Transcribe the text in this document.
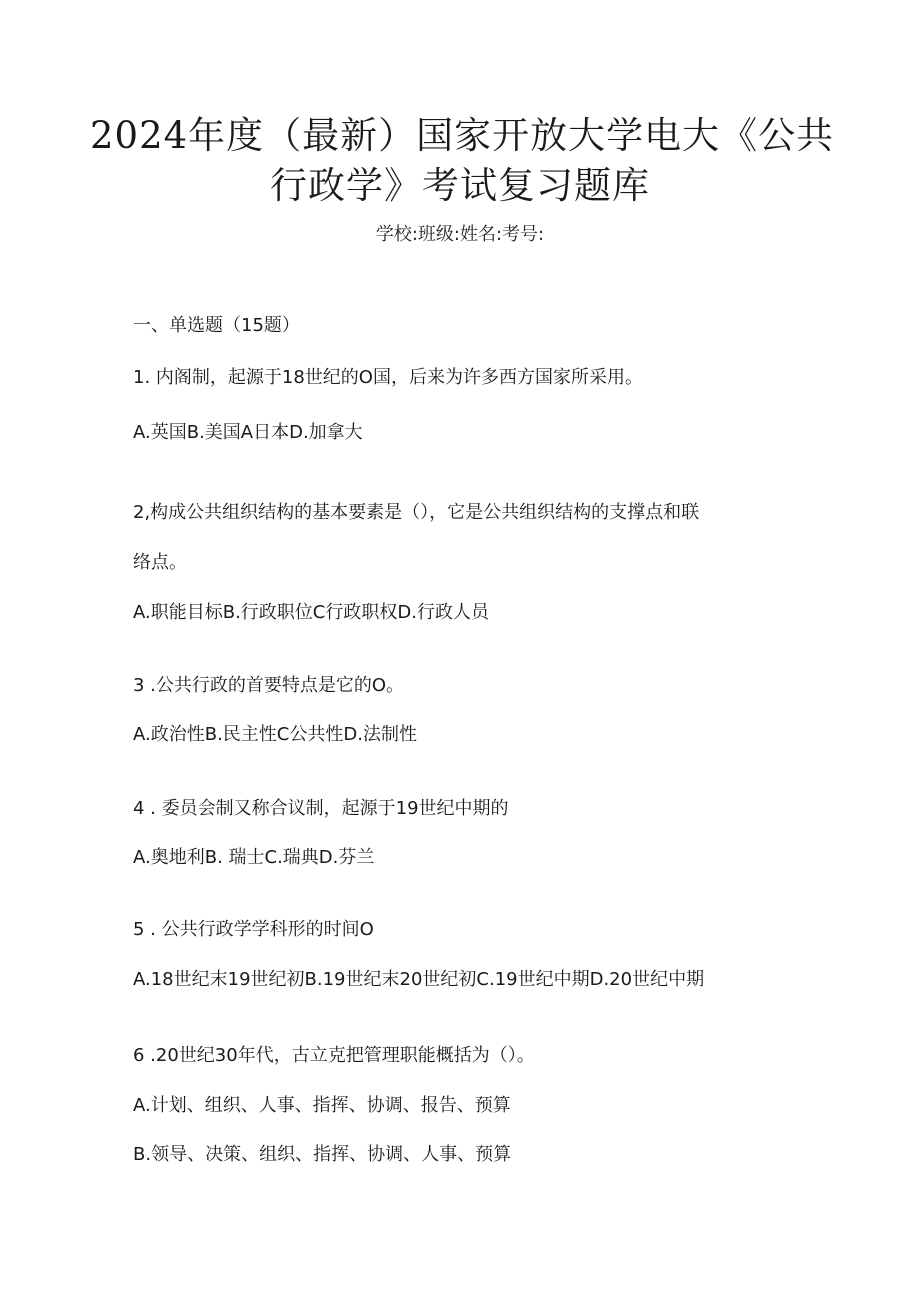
2024年度（最新）国家开放大学电大《公共
行政学》考试复习题库
学校:班级:姓名:考号:
一、单选题（15题）
1. 内阁制，起源于18世纪的O国，后来为许多西方国家所采用。
A.英国B.美国A日本D.加拿大
2,构成公共组织结构的基本要素是（），它是公共组织结构的支撑点和联
络点。
A.职能目标B.行政职位C行政职权D.行政人员
3 .公共行政的首要特点是它的O。
A.政治性B.民主性C公共性D.法制性
4 . 委员会制又称合议制，起源于19世纪中期的
A.奥地利B. 瑞士C.瑞典D.芬兰
5 . 公共行政学学科形的时间O
A.18世纪末19世纪初B.19世纪末20世纪初C.19世纪中期D.20世纪中期
6 .20世纪30年代，古立克把管理职能概括为（）。
A.计划、组织、人事、指挥、协调、报告、预算
B.领导、决策、组织、指挥、协调、人事、预算
